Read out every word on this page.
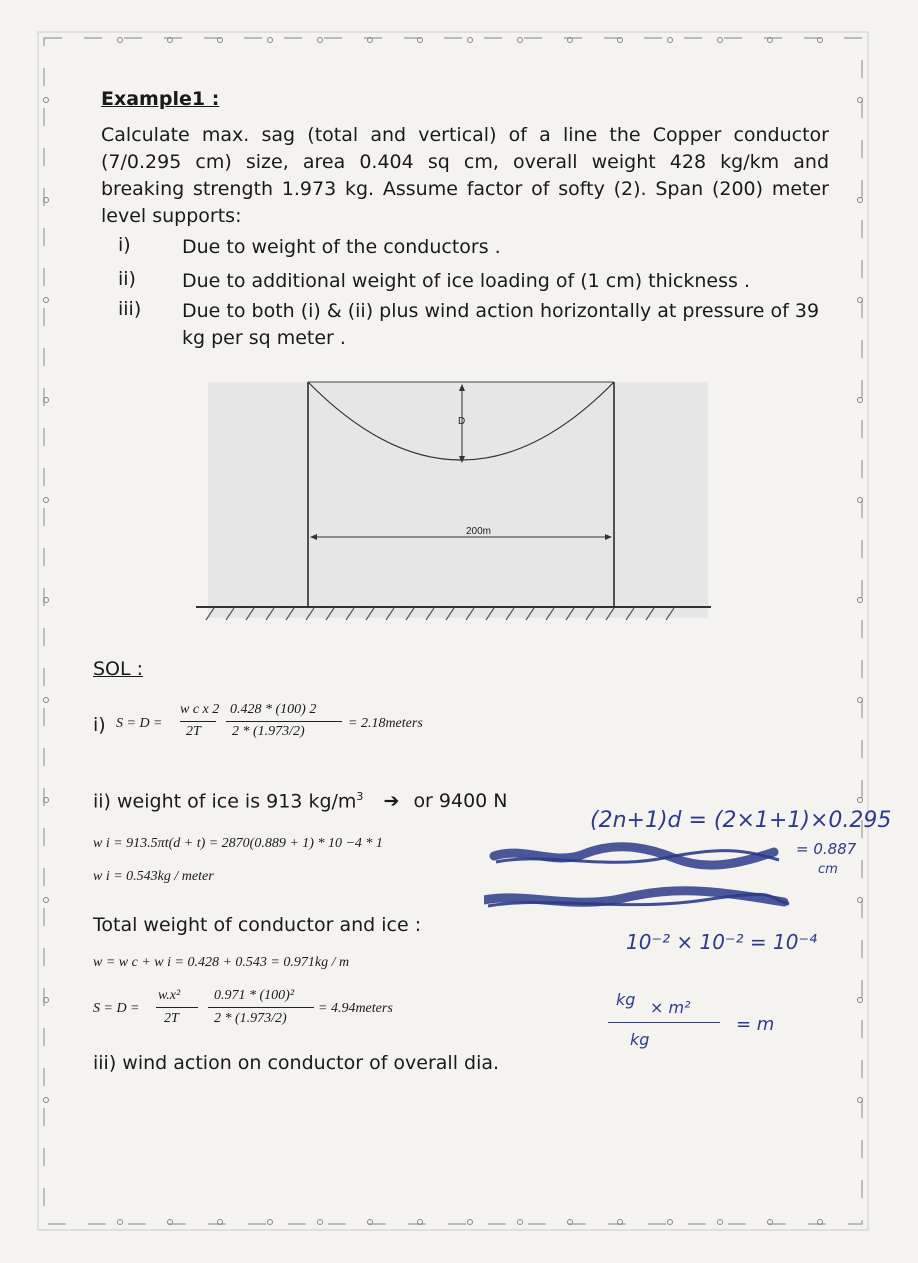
Example1 :

Calculate max. sag (total and vertical) of a line the Copper conductor (7/0.295 cm) size, area 0.404 sq cm, overall weight 428 kg/km and breaking strength 1.973 kg. Assume factor of softy (2). Span (200) meter level supports:

i)	Due to weight of the conductors .
ii) Due to additional weight of ice loading of (1 cm) thickness .
iii) Due to both (i) & (ii) plus wind action horizontally at pressure of 39 kg per sq meter .
D
200m
SOL :
i) S = D =
w c x 2
2T
0.428 * (100) 2
2 * (1.973/2)
= 2.18meters
ii) weight of ice is 913 $kg/m^3$ ➔ or 9400 N
w i = 913.5πt(d + t) = 2870(0.889 + 1) * 10 −4 * 1
w i = 0.543kg / meter
Total weight of conductor and ice :
w = w c + w i = 0.428 + 0.543 = 0.971kg / m
S = D =
w.x²
2T
0.971 * (100)²
2 * (1.973/2)
= 4.94meters
iii) wind action on conductor of overall dia.
(2n+1)d = (2×1+1)×0.295
= 0.887
cm
10⁻² × 10⁻² = 10⁻⁴
kg × m²
kg
= m
